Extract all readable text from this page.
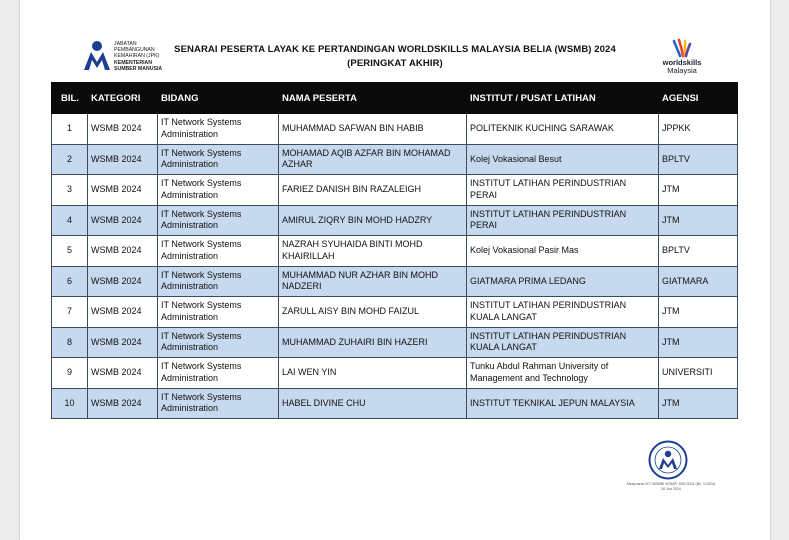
JABATAN
PEMBANGUNAN
KEMAHIRAN (JPK)
KEMENTERIAN
SUMBER MANUSIA
SENARAI PESERTA LAYAK KE PERTANDINGAN WORLDSKILLS MALAYSIA BELIA (WSMB) 2024
(PERINGKAT AKHIR)	worldskills
Malaysia
BIL.	KATEGORI	BIDANG	NAMA PESERTA	INSTITUT / PUSAT LATIHAN	AGENSI
1	WSMB 2024	IT Network Systems Administration	MUHAMMAD SAFWAN BIN HABIB	POLITEKNIK KUCHING SARAWAK	JPPKK
2	WSMB 2024	IT Network Systems Administration	MOHAMAD AQIB AZFAR BIN MOHAMAD AZHAR	Kolej Vokasional Besut	BPLTV
3	WSMB 2024	IT Network Systems Administration	FARIEZ DANISH BIN RAZALEIGH	INSTITUT LATIHAN PERINDUSTRIAN PERAI	JTM
4	WSMB 2024	IT Network Systems Administration	AMIRUL ZIQRY BIN MOHD HADZRY	INSTITUT LATIHAN PERINDUSTRIAN PERAI	JTM
5	WSMB 2024	IT Network Systems Administration	NAZRAH SYUHAIDA BINTI MOHD KHAIRILLAH	Kolej Vokasional Pasir Mas	BPLTV
6	WSMB 2024	IT Network Systems Administration	MUHAMMAD NUR AZHAR BIN MOHD NADZERI	GIATMARA PRIMA LEDANG	GIATMARA
7	WSMB 2024	IT Network Systems Administration	ZARULL AISY BIN MOHD FAIZUL	INSTITUT LATIHAN PERINDUSTRIAN KUALA LANGAT	JTM
8	WSMB 2024	IT Network Systems Administration	MUHAMMAD ZUHAIRI BIN HAZERI	INSTITUT LATIHAN PERINDUSTRIAN KUALA LANGAT	JTM
9	WSMB 2024	IT Network Systems Administration	LAI WEN YIN	Tunku Abdul Rahman University of Management and Technology	UNIVERSITI
10	WSMB 2024	IT Network Systems Administration	HABEL DIVINE CHU	INSTITUT TEKNIKAL JEPUN MALAYSIA	JTM
Mesyuarat JKT WSMB/ WSMP/ JSM 2024 (Bil. 3-2024)
26 Jun 2024
